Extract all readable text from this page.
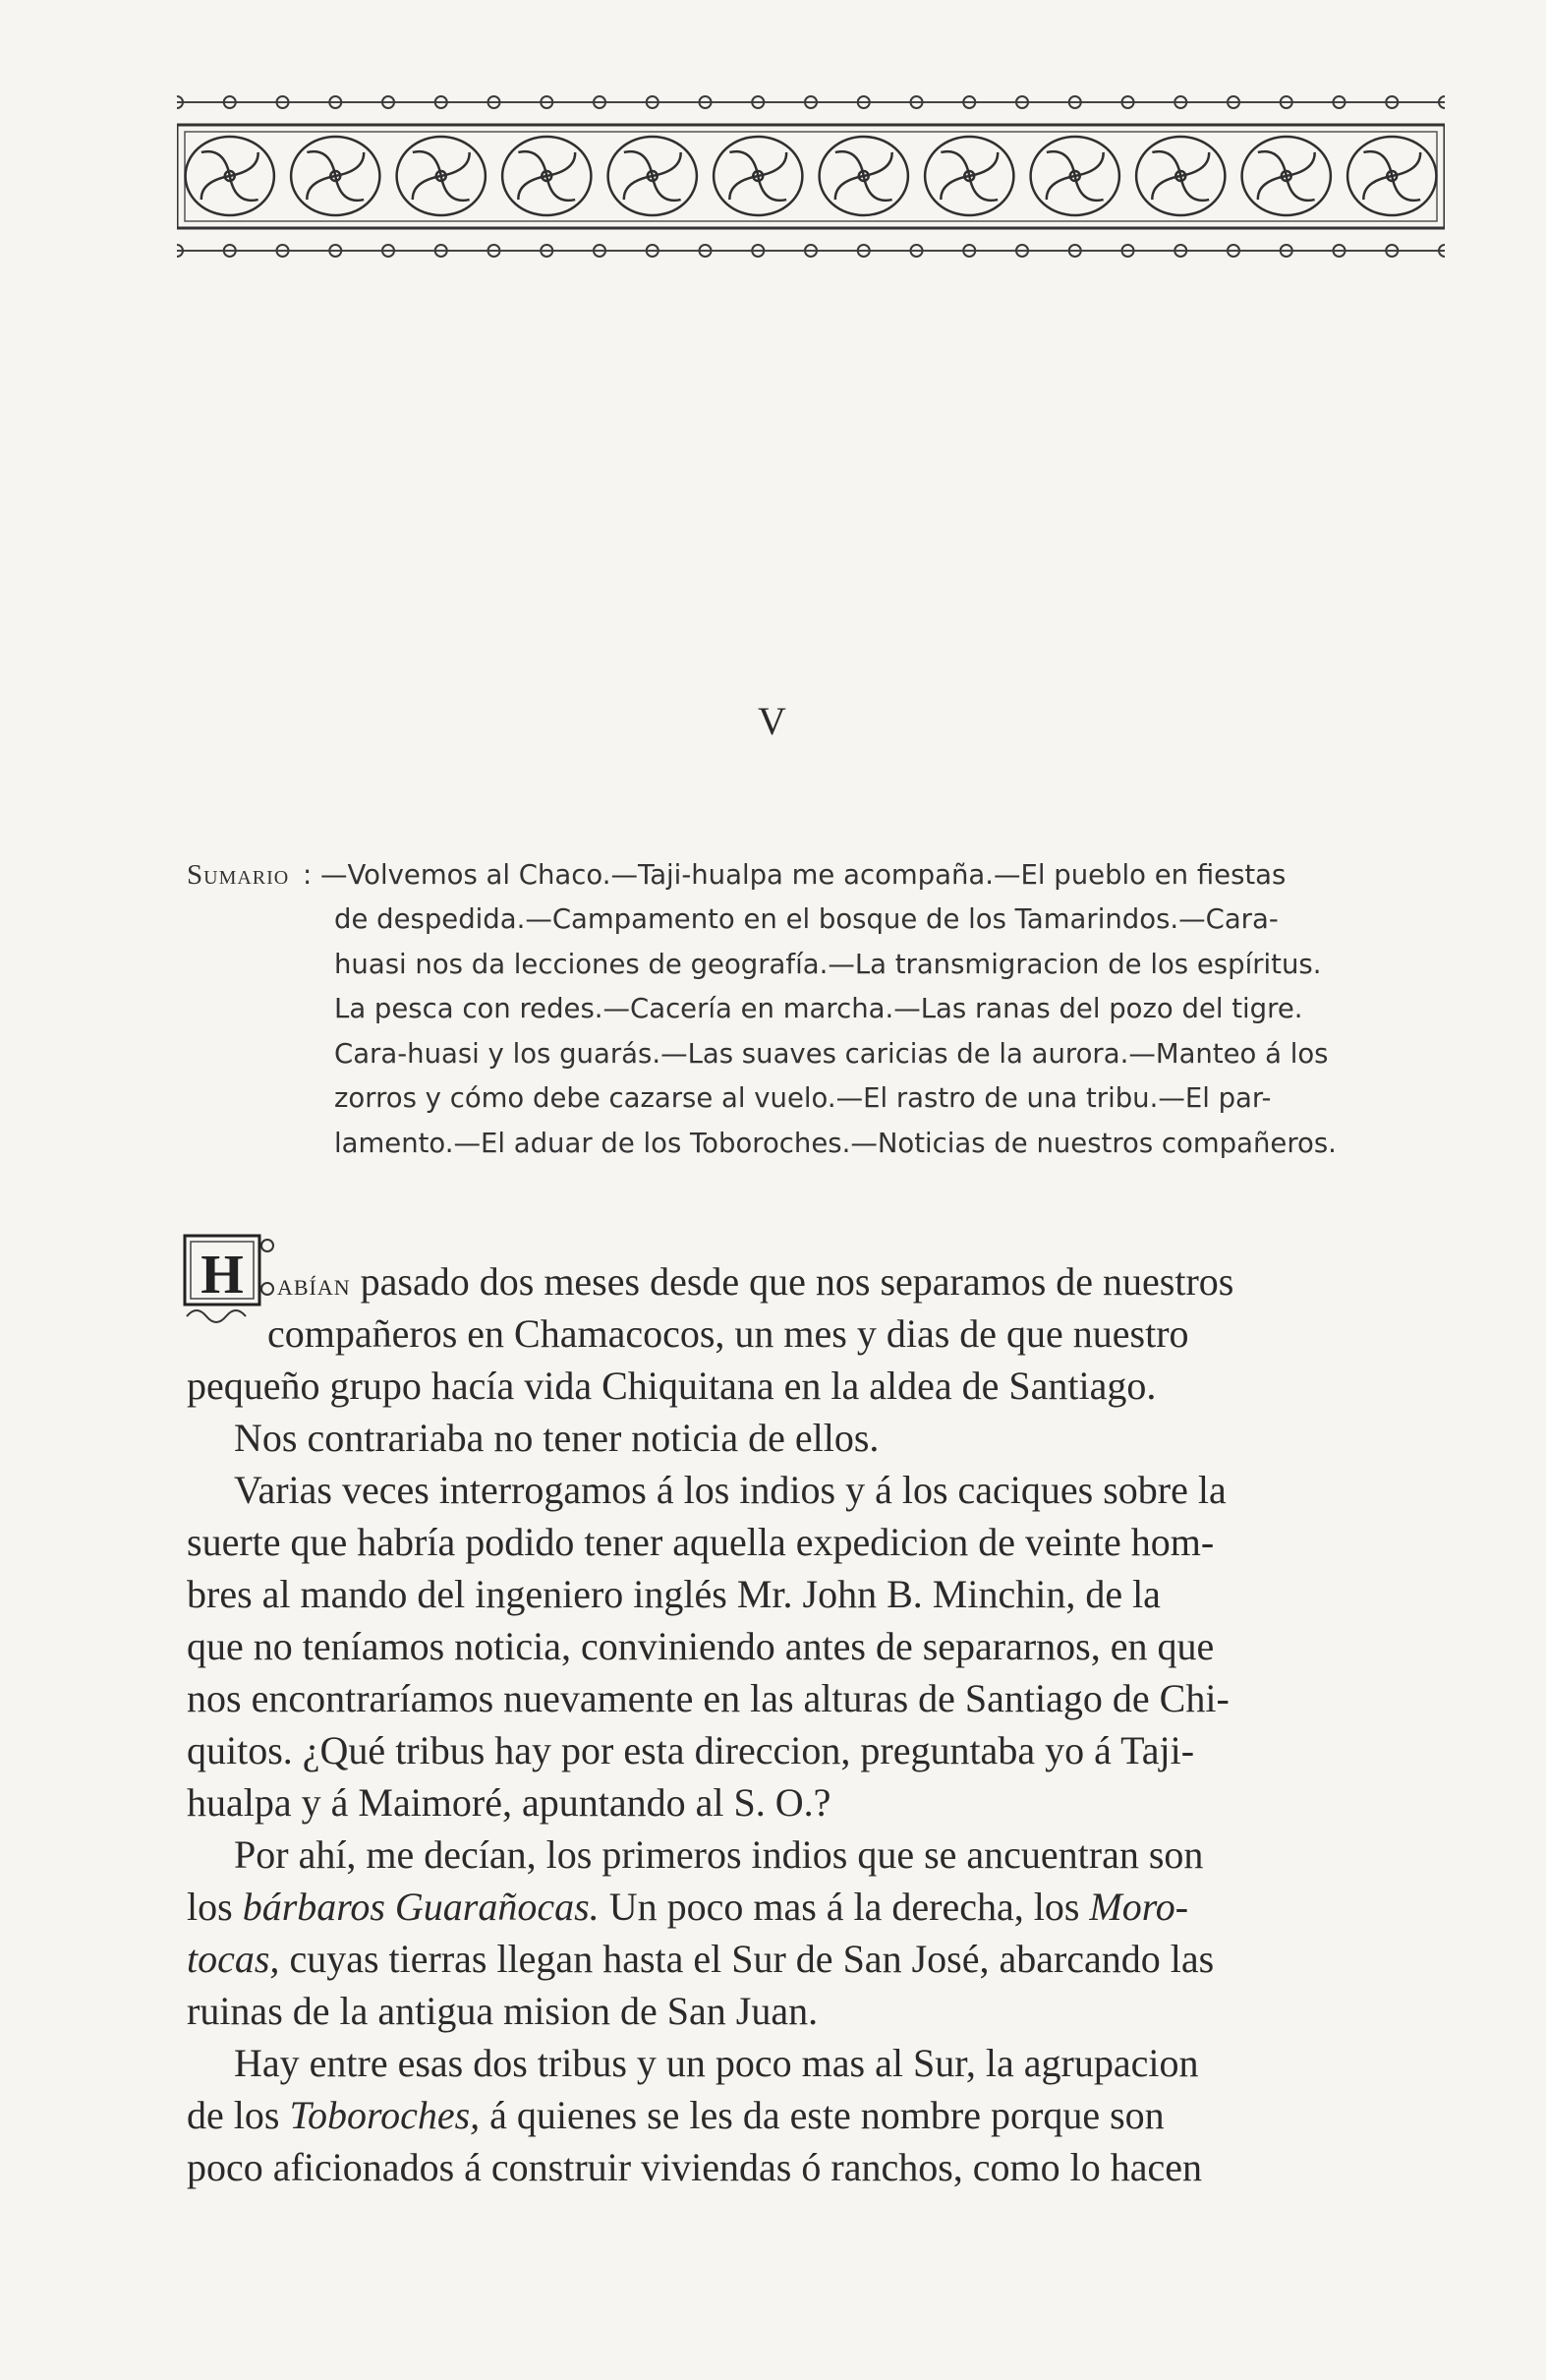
V
Sumario : —Volvemos al Chaco.—Taji-hualpa me acompaña.—El pueblo en fiestas
de despedida.—Campamento en el bosque de los Tamarindos.—Cara-
huasi nos da lecciones de geografía.—La transmigracion de los espíritus.
La pesca con redes.—Cacería en marcha.—Las ranas del pozo del tigre.
Cara-huasi y los guarás.—Las suaves caricias de la aurora.—Manteo á los
zorros y cómo debe cazarse al vuelo.—El rastro de una tribu.—El par-
lamento.—El aduar de los Toboroches.—Noticias de nuestros compañeros.
H abían pasado dos meses desde que nos separamos de nuestros
compañeros en Chamacocos, un mes y dias de que nuestro
pequeño grupo hacía vida Chiquitana en la aldea de Santiago.
Nos contrariaba no tener noticia de ellos.
Varias veces interrogamos á los indios y á los caciques sobre la
suerte que habría podido tener aquella expedicion de veinte hom-
bres al mando del ingeniero inglés Mr. John B. Minchin, de la
que no teníamos noticia, conviniendo antes de separarnos, en que
nos encontraríamos nuevamente en las alturas de Santiago de Chi-
quitos. ¿Qué tribus hay por esta direccion, preguntaba yo á Taji-
hualpa y á Maimoré, apuntando al S. O.?
Por ahí, me decían, los primeros indios que se ancuentran son
los bárbaros Guarañocas. Un poco mas á la derecha, los Moro-
tocas, cuyas tierras llegan hasta el Sur de San José, abarcando las
ruinas de la antigua mision de San Juan.
Hay entre esas dos tribus y un poco mas al Sur, la agrupacion
de los Toboroches, á quienes se les da este nombre porque son
poco aficionados á construir viviendas ó ranchos, como lo hacen
